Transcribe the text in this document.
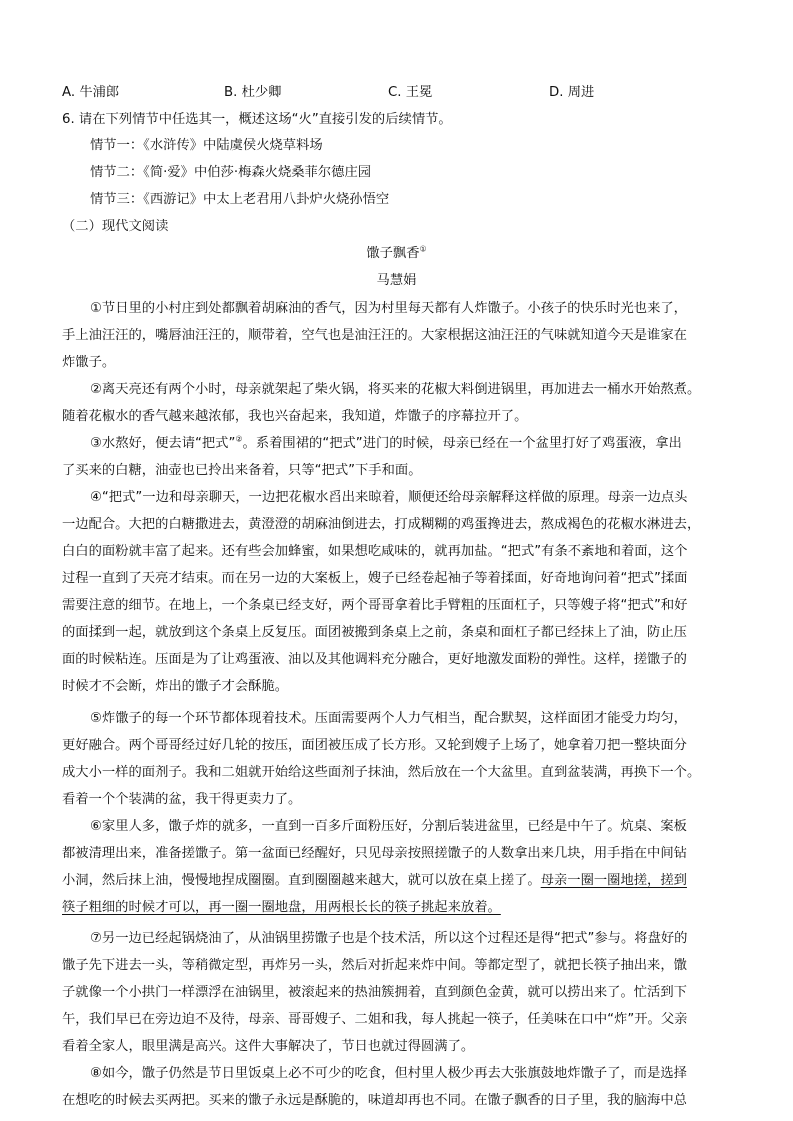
A. 牛浦郎	B. 杜少卿	C. 王冕	D. 周进
6. 请在下列情节中任选其一，概述这场“火”直接引发的后续情节。
情节一：《水浒传》中陆虞侯火烧草料场
情节二：《简·爱》中伯莎·梅森火烧桑菲尔德庄园
情节三：《西游记》中太上老君用八卦炉火烧孙悟空
（二）现代文阅读
馓子飘香①
马慧娟
①节日里的小村庄到处都飘着胡麻油的香气，因为村里每天都有人炸馓子。小孩子的快乐时光也来了，
手上油汪汪的，嘴唇油汪汪的，顺带着，空气也是油汪汪的。大家根据这油汪汪的气味就知道今天是谁家在
炸馓子。
②离天亮还有两个小时，母亲就架起了柴火锅，将买来的花椒大料倒进锅里，再加进去一桶水开始熬煮。
随着花椒水的香气越来越浓郁，我也兴奋起来，我知道，炸馓子的序幕拉开了。
③水熬好，便去请“把式”②。系着围裙的“把式”进门的时候，母亲已经在一个盆里打好了鸡蛋液，拿出
了买来的白糖，油壶也已拎出来备着，只等“把式”下手和面。
④“把式”一边和母亲聊天，一边把花椒水舀出来晾着，顺便还给母亲解释这样做的原理。母亲一边点头
一边配合。大把的白糖撒进去，黄澄澄的胡麻油倒进去，打成糊糊的鸡蛋搀进去，熬成褐色的花椒水淋进去，
白白的面粉就丰富了起来。还有些会加蜂蜜，如果想吃咸味的，就再加盐。“把式”有条不紊地和着面，这个
过程一直到了天亮才结束。而在另一边的大案板上，嫂子已经卷起袖子等着揉面，好奇地询问着“把式”揉面
需要注意的细节。在地上，一个条桌已经支好，两个哥哥拿着比手臂粗的压面杠子，只等嫂子将“把式”和好
的面揉到一起，就放到这个条桌上反复压。面团被搬到条桌上之前，条桌和面杠子都已经抹上了油，防止压
面的时候粘连。压面是为了让鸡蛋液、油以及其他调料充分融合，更好地激发面粉的弹性。这样，搓馓子的
时候才不会断，炸出的馓子才会酥脆。
⑤炸馓子的每一个环节都体现着技术。压面需要两个人力气相当，配合默契，这样面团才能受力均匀，
更好融合。两个哥哥经过好几轮的按压，面团被压成了长方形。又轮到嫂子上场了，她拿着刀把一整块面分
成大小一样的面剂子。我和二姐就开始给这些面剂子抹油，然后放在一个大盆里。直到盆装满，再换下一个。
看着一个个装满的盆，我干得更卖力了。
⑥家里人多，馓子炸的就多，一直到一百多斤面粉压好，分割后装进盆里，已经是中午了。炕桌、案板
都被清理出来，准备搓馓子。第一盆面已经醒好，只见母亲按照搓馓子的人数拿出来几块，用手指在中间钻
小洞，然后抹上油，慢慢地捏成圈圈。直到圈圈越来越大，就可以放在桌上搓了。母亲一圈一圈地搓，搓到
筷子粗细的时候才可以，再一圈一圈地盘，用两根长长的筷子挑起来放着。
⑦另一边已经起锅烧油了，从油锅里捞馓子也是个技术活，所以这个过程还是得“把式”参与。将盘好的
馓子先下进去一头，等稍微定型，再炸另一头，然后对折起来炸中间。等都定型了，就把长筷子抽出来，馓
子就像一个小拱门一样漂浮在油锅里，被滚起来的热油簇拥着，直到颜色金黄，就可以捞出来了。忙活到下
午，我们早已在旁边迫不及待，母亲、哥哥嫂子、二姐和我，每人挑起一筷子，任美味在口中“炸”开。父亲
看着全家人，眼里满是高兴。这件大事解决了，节日也就过得圆满了。
⑧如今，馓子仍然是节日里饭桌上必不可少的吃食，但村里人极少再去大张旗鼓地炸馓子了，而是选择
在想吃的时候去买两把。买来的馓子永远是酥脆的，味道却再也不同。在馓子飘香的日子里，我的脑海中总
